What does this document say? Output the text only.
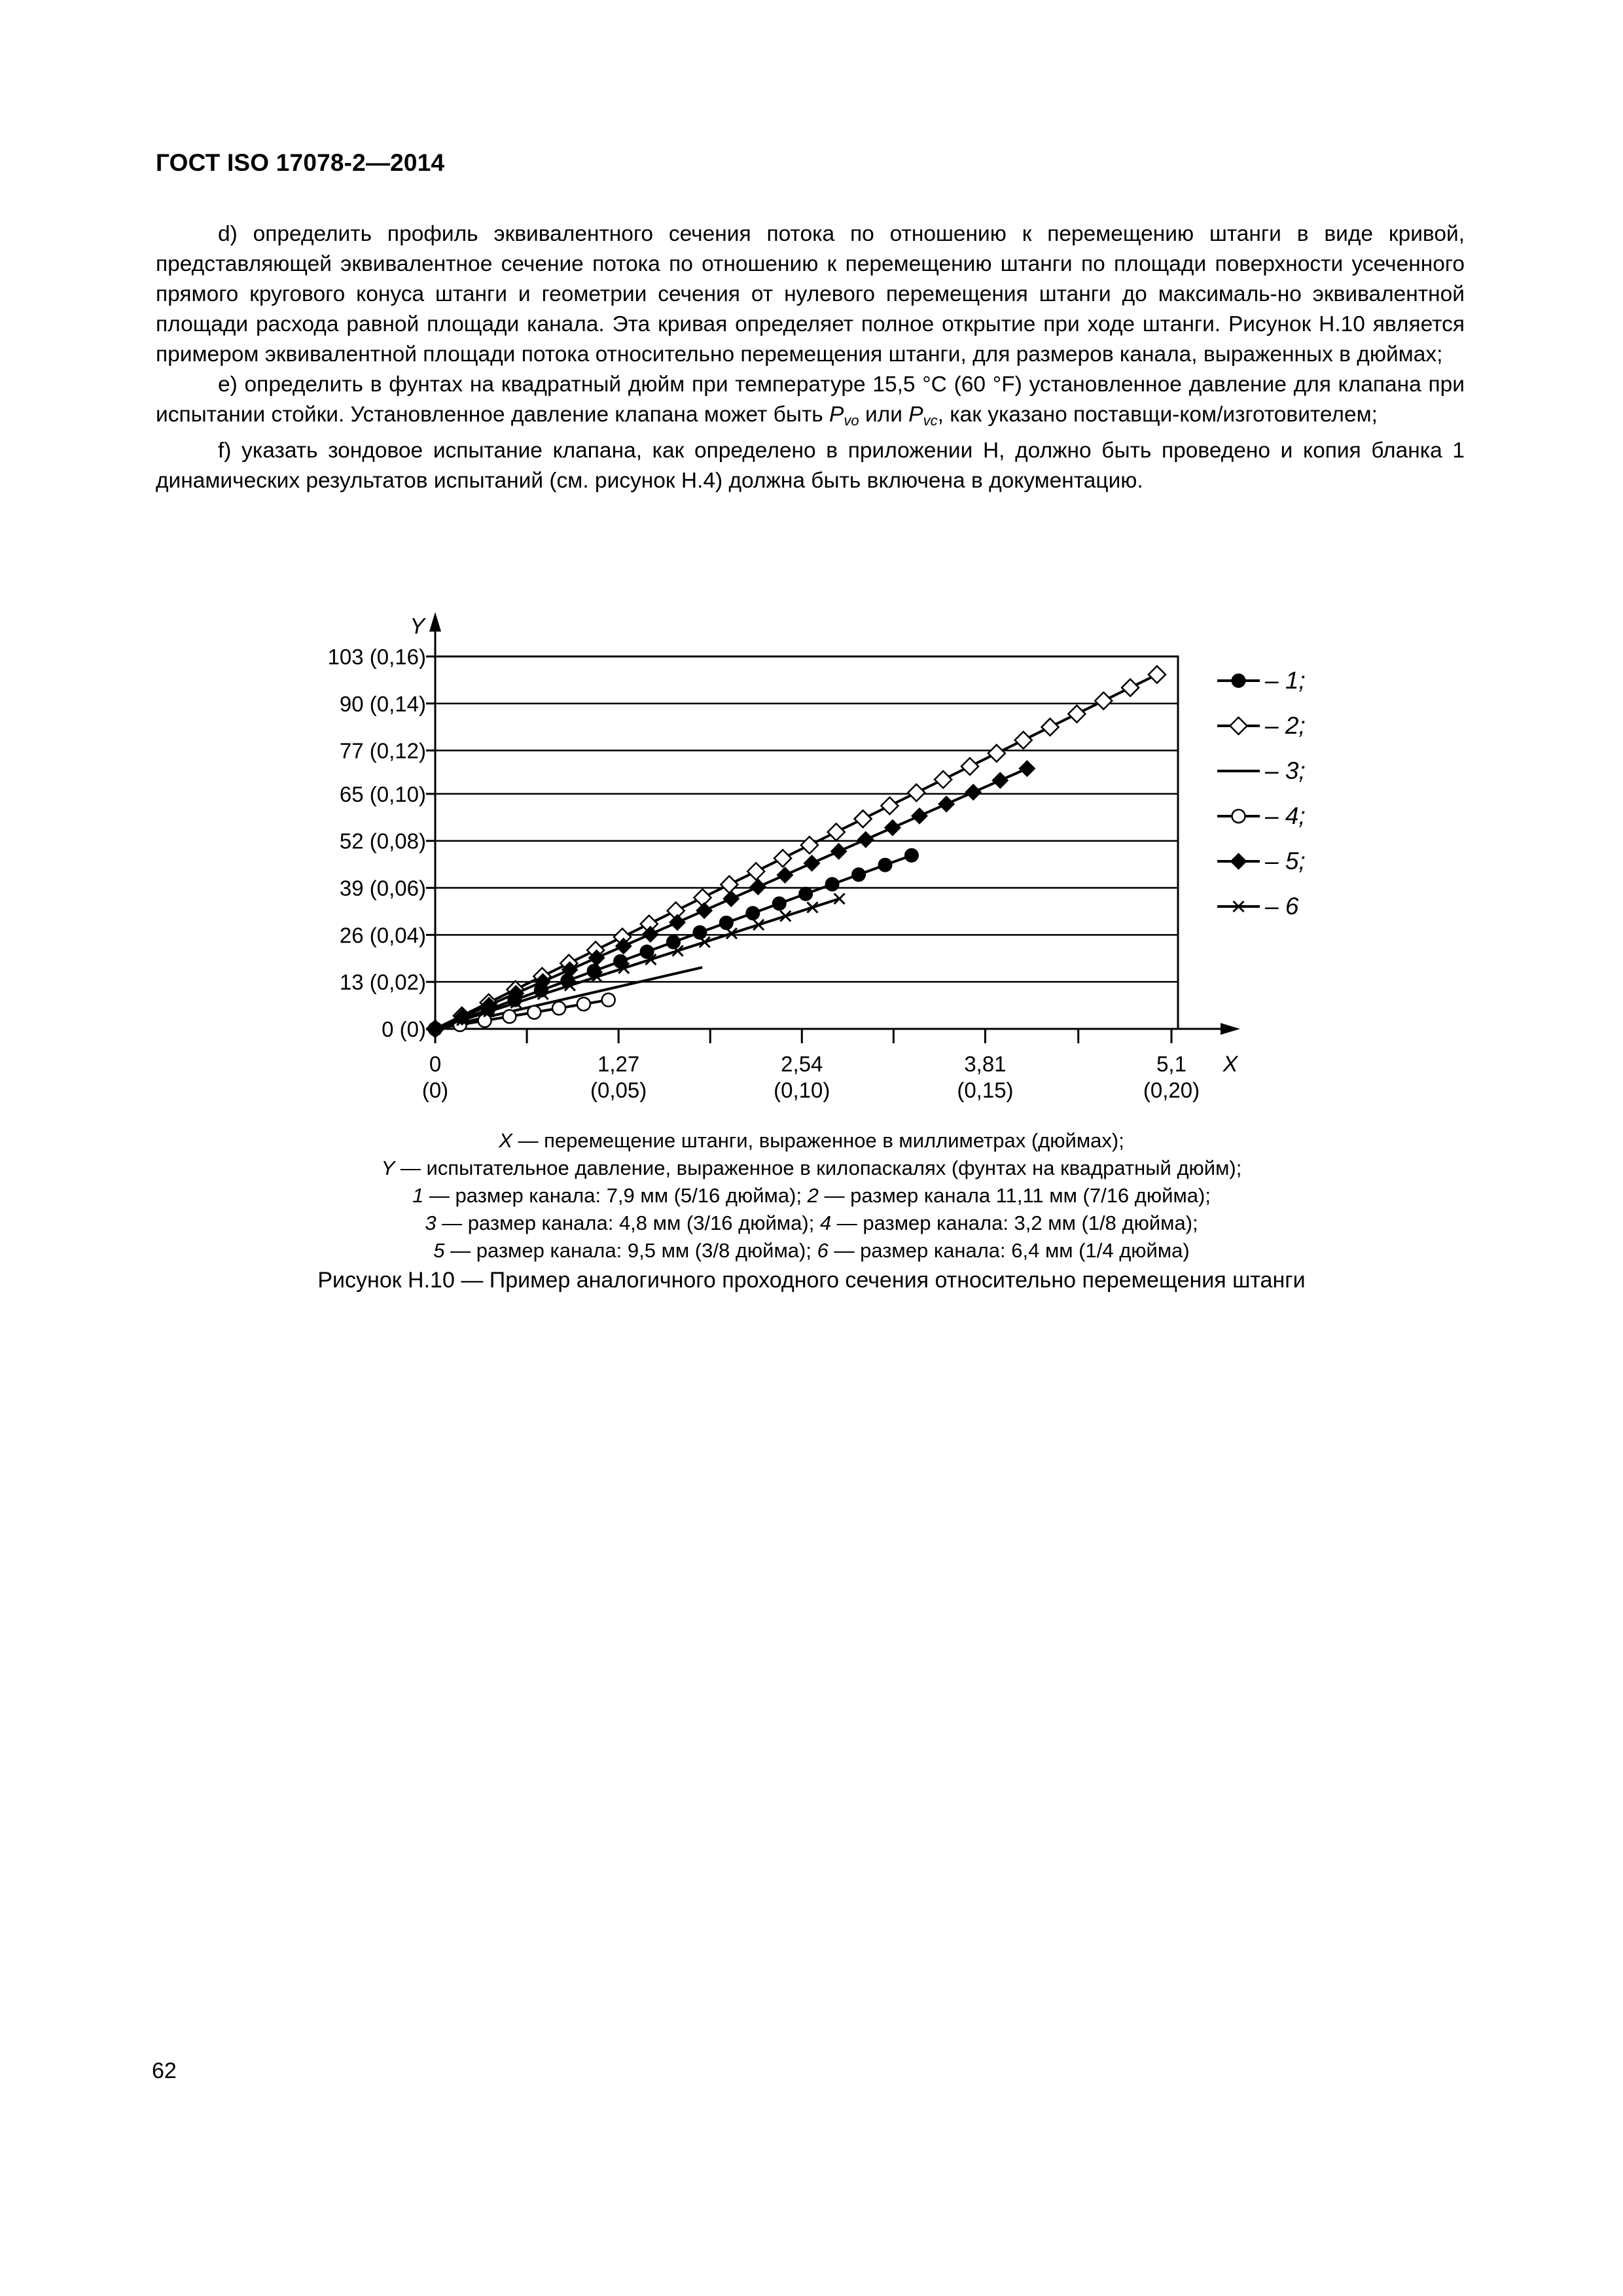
ГОСТ ISO 17078-2—2014

d) определить профиль эквивалентного сечения потока по отношению к перемещению штанги в виде кривой, представляющей эквивалентное сечение потока по отношению к перемещению штанги по площади поверхности усеченного прямого кругового конуса штанги и геометрии сечения от нулевого перемещения штанги до максималь-но эквивалентной площади расхода равной площади канала. Эта кривая определяет полное открытие при ходе штанги. Рисунок Н.10 является примером эквивалентной площади потока относительно перемещения штанги, для размеров канала, выраженных в дюймах;

e) определить в фунтах на квадратный дюйм при температуре 15,5 °С (60 °F) установленное давление для клапана при испытании стойки. Установленное давление клапана может быть $P_{vo}$ или $P_{vc}$, как указано поставщи-ком/изготовителем;

f) указать зондовое испытание клапана, как определено в приложении Н, должно быть проведено и копия бланка 1 динамических результатов испытаний (см. рисунок Н.4) должна быть включена в документацию.

0 (0)
13 (0,02)
26 (0,04)
39 (0,06)
52 (0,08)
65 (0,10)
77 (0,12)
90 (0,14)
103 (0,16)
Y
X
0
(0)
1,27
(0,05)
2,54
(0,10)
3,81
(0,15)
5,1
(0,20)
– 1;
– 2;
– 3;
– 4;
– 5;
– 6
X — перемещение штанги, выраженное в миллиметрах (дюймах);
Y — испытательное давление, выраженное в килопаскалях (фунтах на квадратный дюйм);
1 — размер канала: 7,9 мм (5/16 дюйма); 2 — размер канала 11,11 мм (7/16 дюйма);
3 — размер канала: 4,8 мм (3/16 дюйма); 4 — размер канала: 3,2 мм (1/8 дюйма);
5 — размер канала: 9,5 мм (3/8 дюйма); 6 — размер канала: 6,4 мм (1/4 дюйма)
Рисунок Н.10 — Пример аналогичного проходного сечения относительно перемещения штанги
62
